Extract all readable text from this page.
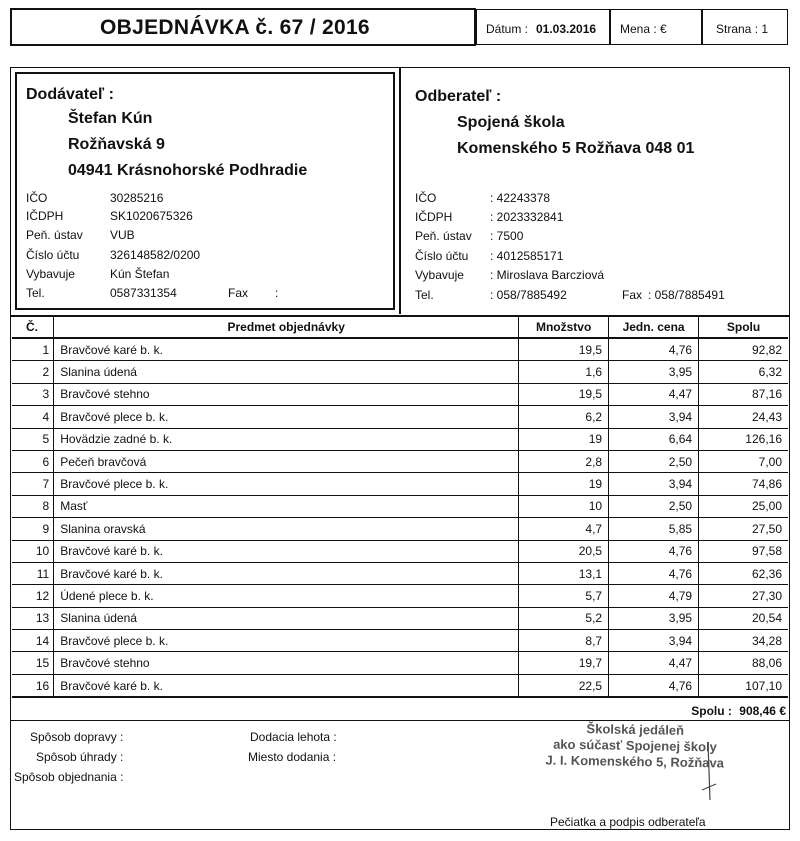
OBJEDNÁVKA č. 67 / 2016	Dátum : 01.03.2016 Mena : €	Strana : 1
Dodávateľ :
Štefan Kún
Rožňavská 9
04941 Krásnohorské Podhradie
IČO	30285216
IČDPH	SK1020675326
Peň. ústav VUB
Číslo účtu	326148582/0200
Vybavuje	Kún Štefan
Tel.	0587331354	Fax :
Odberateľ :
Spojená škola
Komenského 5 Rožňava 048 01
IČO	: 42243378
IČDPH	: 2023332841
Peň. ústav : 7500
Číslo účtu : 4012585171
Vybavuje : Miroslava Barcziová
Tel.	: 058/7885492	Fax : 058/7885491
Č.	Predmet objednávky	Množstvo	Jedn. cena	Spolu
1	Bravčové karé b. k.	19,5	4,76	92,82
2	Slanina údená	1,6	3,95	6,32
3	Bravčové stehno	19,5	4,47	87,16
4	Bravčové plece b. k.	6,2	3,94	24,43
5	Hovädzie zadné b. k.	19	6,64	126,16
6	Pečeň bravčová	2,8	2,50	7,00
7	Bravčové plece b. k.	19	3,94	74,86
8	Masť	10	2,50	25,00
9	Slanina oravská	4,7	5,85	27,50
10	Bravčové karé b. k.	20,5	4,76	97,58
11	Bravčové karé b. k.	13,1	4,76	62,36
12	Údené plece b. k.	5,7	4,79	27,30
13	Slanina údená	5,2	3,95	20,54
14	Bravčové plece b. k.	8,7	3,94	34,28
15	Bravčové stehno	19,7	4,47	88,06
16	Bravčové karé b. k.	22,5	4,76	107,10
Spolu : 908,46 €
Spôsob dopravy :
Spôsob úhrady :
Spôsob objednania :
Dodacia lehota :
Miesto dodania :
Školská jedáleň
ako súčasť Spojenej školy
J. I. Komenského 5, Rožňava
Pečiatka a podpis odberateľa
